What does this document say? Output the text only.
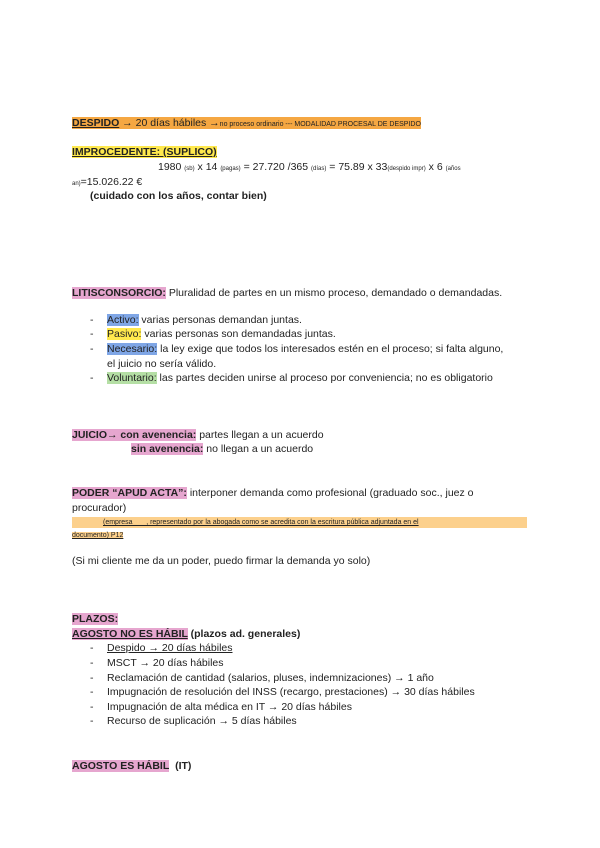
DESPIDO → 20 días hábiles →no proceso ordinario --- MODALIDAD PROCESAL DE DESPIDO
IMPROCEDENTE: (SUPLICO)
1980 (sb) x 14 (pagas) = 27.720 /365 (días) = 75.89 x 33(despido impr) x 6 (años
an)=15.026.22 €
(cuidado con los años, contar bien)
LITISCONSORCIO: Pluralidad de partes en un mismo proceso, demandado o demandadas.
- Activo: varias personas demandan juntas.
- Pasivo: varias personas son demandadas juntas.
- Necesario: la ley exige que todos los interesados estén en el proceso; si falta alguno,
el juicio no sería válido.
- Voluntario: las partes deciden unirse al proceso por conveniencia; no es obligatorio
JUICIO→ con avenencia: partes llegan a un acuerdo
sin avenencia: no llegan a un acuerdo
PODER “APUD ACTA”: interponer demanda como profesional (graduado soc., juez o
procurador)
(empresa ___, representado por la abogada como se acredita con la escritura pública adjuntada en el
documento) P12
(Si mi cliente me da un poder, puedo firmar la demanda yo solo)
PLAZOS:
AGOSTO NO ES HÁBIL (plazos ad. generales)
- Despido → 20 días hábiles
- MSCT → 20 días hábiles
- Reclamación de cantidad (salarios, pluses, indemnizaciones) → 1 año
- Impugnación de resolución del INSS (recargo, prestaciones) → 30 días hábiles
- Impugnación de alta médica en IT → 20 días hábiles
- Recurso de suplicación → 5 días hábiles
AGOSTO ES HÁBIL (IT)
